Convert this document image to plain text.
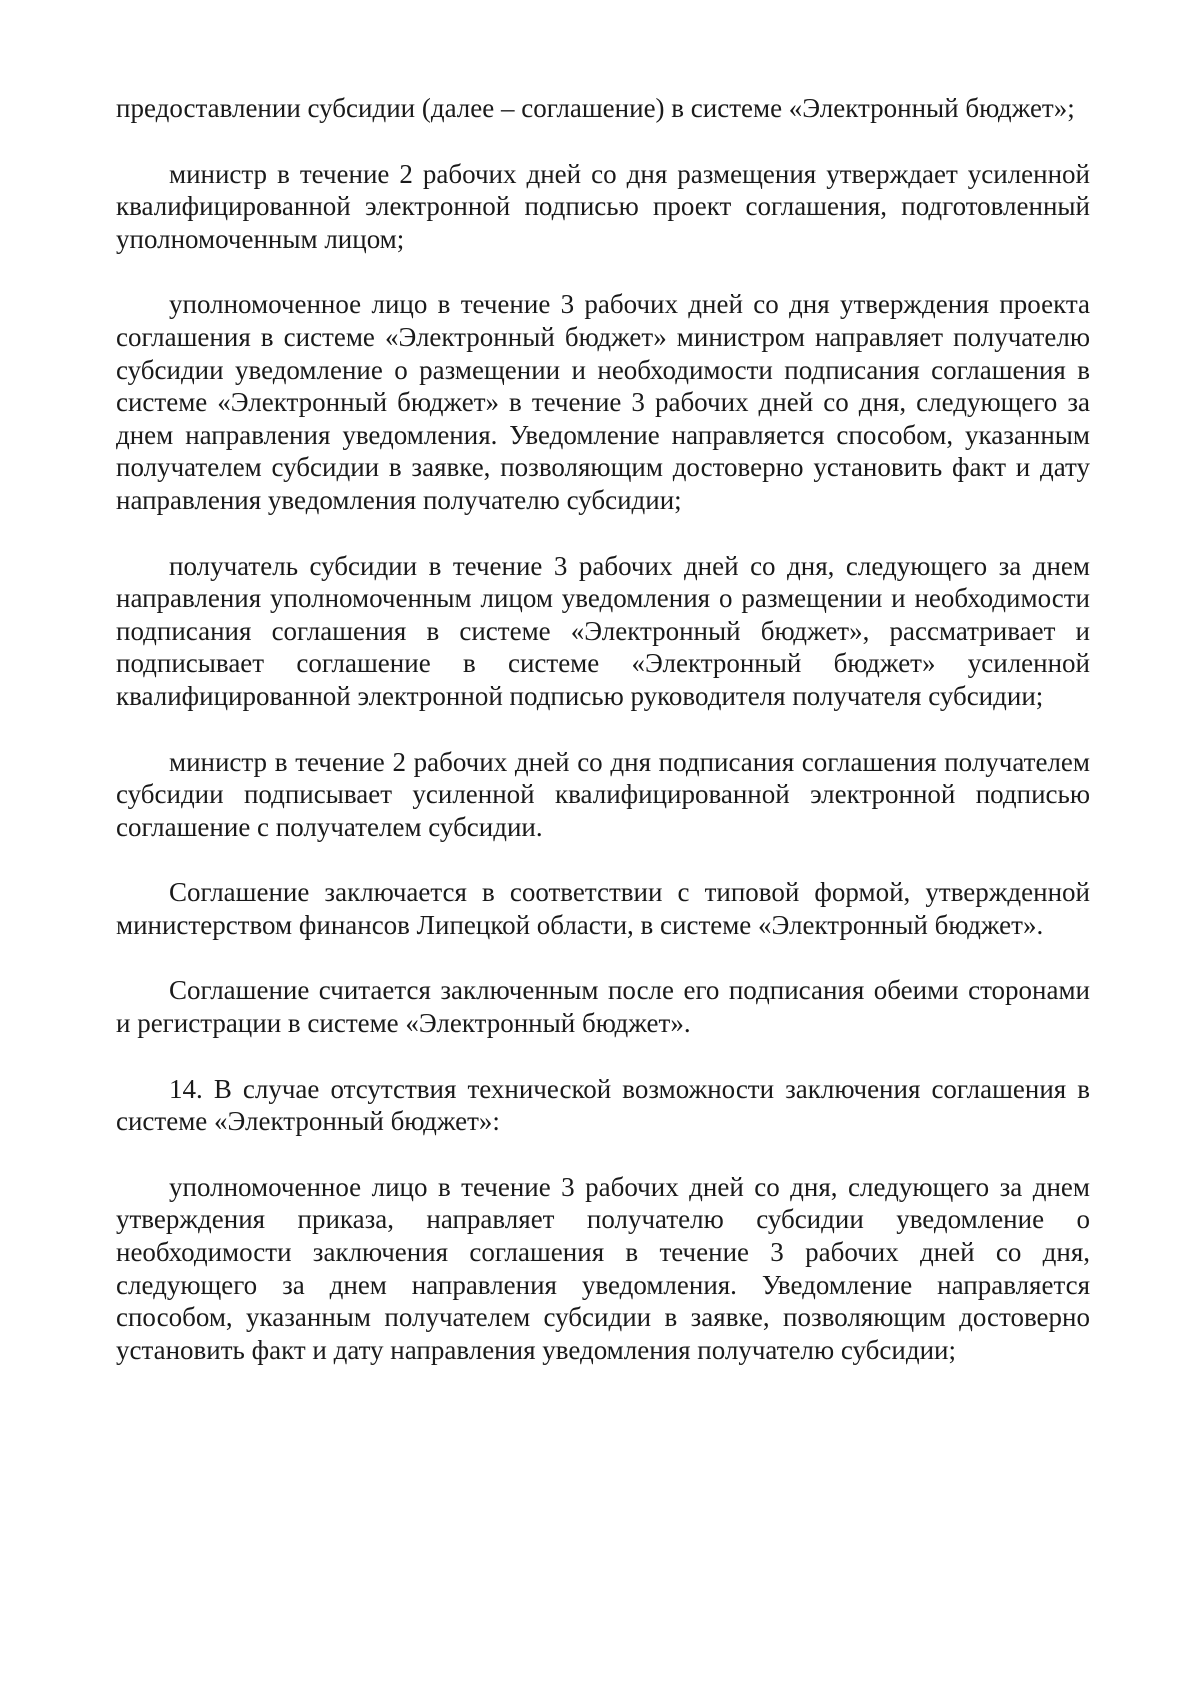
предоставлении субсидии (далее – соглашение) в системе «Электронный бюджет»;

министр в течение 2 рабочих дней со дня размещения утверждает усиленной квалифицированной электронной подписью проект соглашения, подготовленный уполномоченным лицом;

уполномоченное лицо в течение 3 рабочих дней со дня утверждения проекта соглашения в системе «Электронный бюджет» министром направляет получателю субсидии уведомление о размещении и необходимости подписания соглашения в системе «Электронный бюджет» в течение 3 рабочих дней со дня, следующего за днем направления уведомления. Уведомление направляется способом, указанным получателем субсидии в заявке, позволяющим достоверно установить факт и дату направления уведомления получателю субсидии;

получатель субсидии в течение 3 рабочих дней со дня, следующего за днем направления уполномоченным лицом уведомления о размещении и необходимости подписания соглашения в системе «Электронный бюджет», рассматривает и подписывает соглашение в системе «Электронный бюджет» усиленной квалифицированной электронной подписью руководителя получателя субсидии;

министр в течение 2 рабочих дней со дня подписания соглашения получателем субсидии подписывает усиленной квалифицированной электронной подписью соглашение с получателем субсидии.

Соглашение заключается в соответствии с типовой формой, утвержденной министерством финансов Липецкой области, в системе «Электронный бюджет».

Соглашение считается заключенным после его подписания обеими сторонами и регистрации в системе «Электронный бюджет».

14. В случае отсутствия технической возможности заключения соглашения в системе «Электронный бюджет»:

уполномоченное лицо в течение 3 рабочих дней со дня, следующего за днем утверждения приказа, направляет получателю субсидии уведомление о необходимости заключения соглашения в течение 3 рабочих дней со дня, следующего за днем направления уведомления. Уведомление направляется способом, указанным получателем субсидии в заявке, позволяющим достоверно установить факт и дату направления уведомления получателю субсидии;
